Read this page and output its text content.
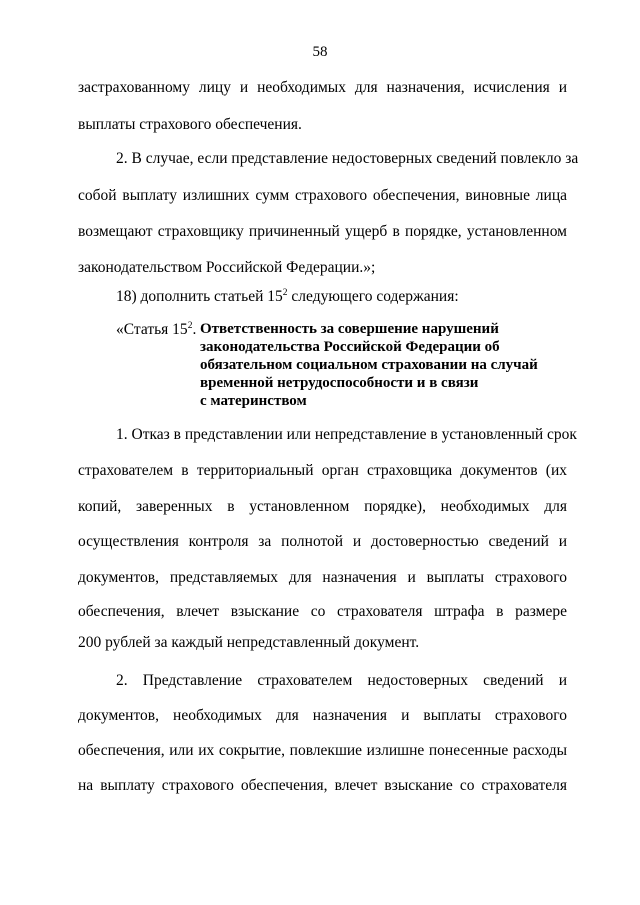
58
застрахованному лицу и необходимых для назначения, исчисления и
выплаты страхового обеспечения.
2. В случае, если представление недостоверных сведений повлекло за
собой выплату излишних сумм страхового обеспечения, виновные лица
возмещают страховщику причиненный ущерб в порядке, установленном
законодательством Российской Федерации.»;
18) дополнить статьей $15^2$ следующего содержания:
«Статья $15^2$. Ответственность за совершение нарушений
законодательства Российской Федерации об
обязательном социальном страховании на случай
временной нетрудоспособности и в связи
с материнством
1. Отказ в представлении или непредставление в установленный срок
страхователем в территориальный орган страховщика документов (их
копий, заверенных в установленном порядке), необходимых для
осуществления контроля за полнотой и достоверностью сведений и
документов, представляемых для назначения и выплаты страхового
обеспечения, влечет взыскание со страхователя штрафа в размере
200 рублей за каждый непредставленный документ.
2. Представление страхователем недостоверных сведений и
документов, необходимых для назначения и выплаты страхового
обеспечения, или их сокрытие, повлекшие излишне понесенные расходы
на выплату страхового обеспечения, влечет взыскание со страхователя
